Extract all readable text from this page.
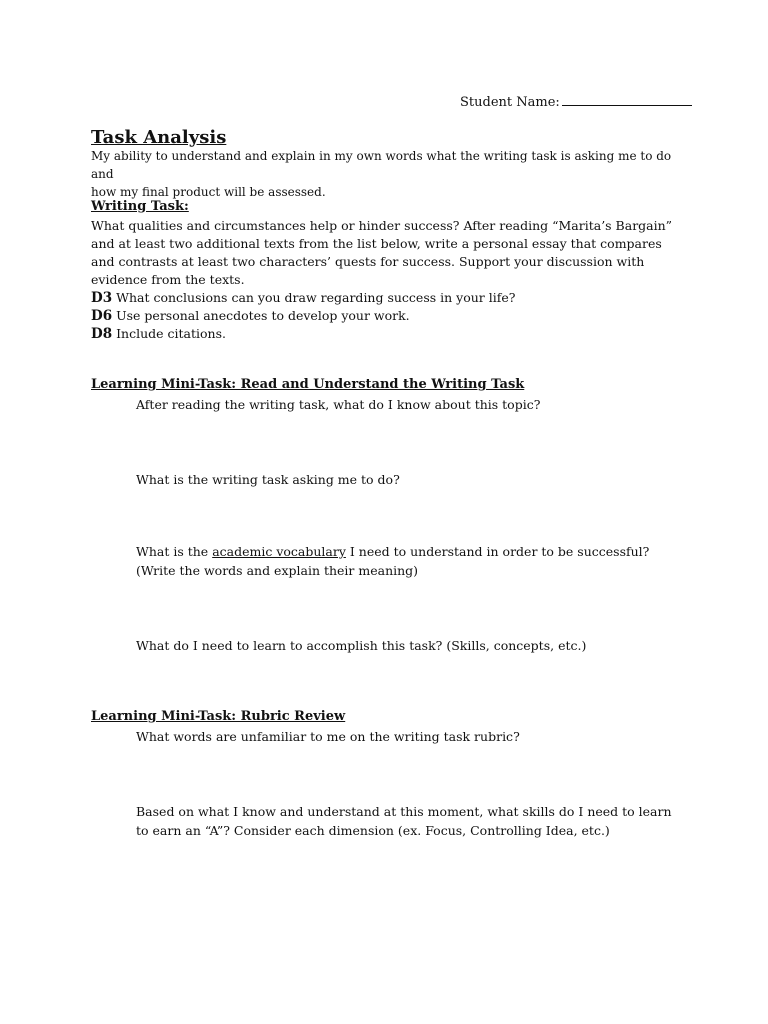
Student Name:
Task Analysis
My ability to understand and explain in my own words what the writing task is asking me to do and
how my final product will be assessed.
Writing Task:
What qualities and circumstances help or hinder success? After reading “Marita’s Bargain”
and at least two additional texts from the list below, write a personal essay that compares
and contrasts at least two characters’ quests for success. Support your discussion with
evidence from the texts.
D3 What conclusions can you draw regarding success in your life?
D6 Use personal anecdotes to develop your work.
D8 Include citations.
Learning Mini-Task: Read and Understand the Writing Task
After reading the writing task, what do I know about this topic?
What is the writing task asking me to do?
What is the academic vocabulary I need to understand in order to be successful?
(Write the words and explain their meaning)
What do I need to learn to accomplish this task? (Skills, concepts, etc.)
Learning Mini-Task: Rubric Review
What words are unfamiliar to me on the writing task rubric?
Based on what I know and understand at this moment, what skills do I need to learn
to earn an “A”? Consider each dimension (ex. Focus, Controlling Idea, etc.)
